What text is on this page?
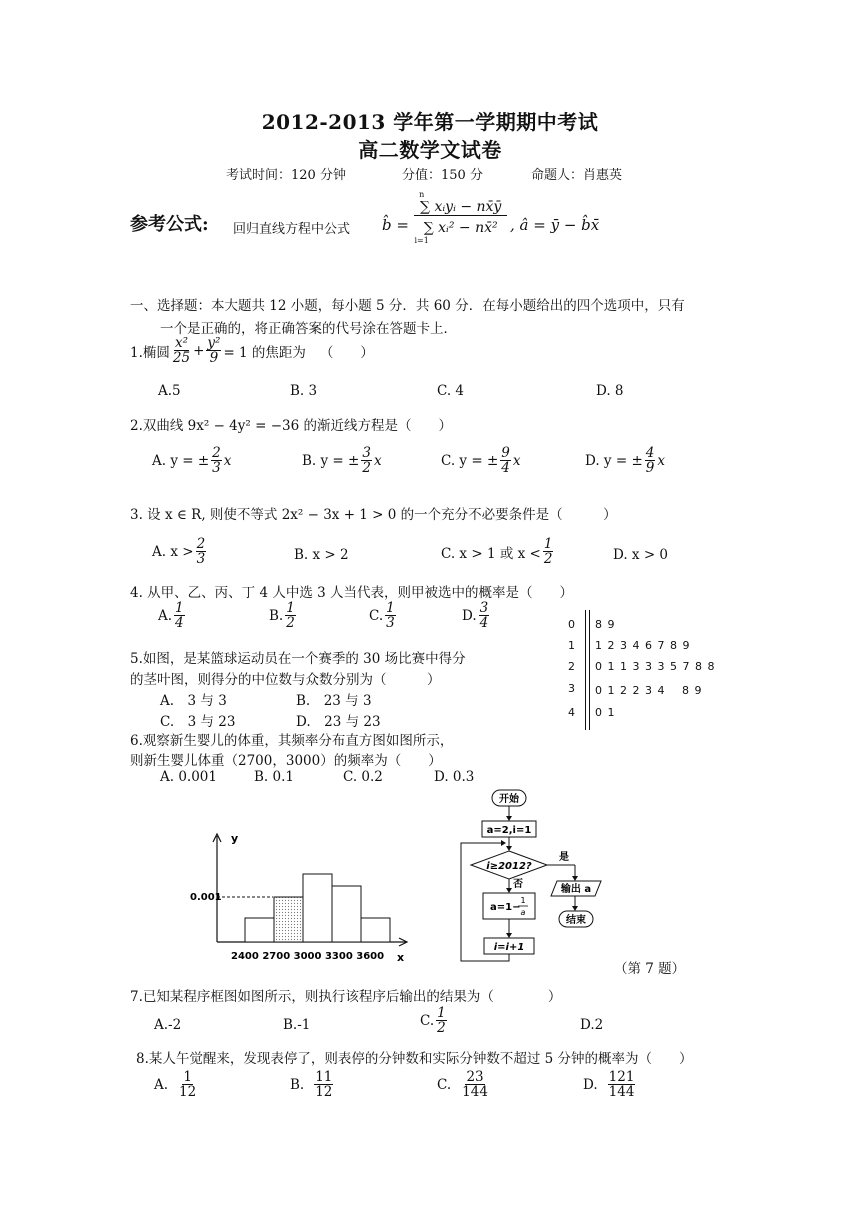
2012-2013 学年第一学期期中考试
高二数学文试卷
考试时间：120 分钟	分值：150 分	命题人：肖惠英
参考公式: 回归直线方程中公式 b̂ =
n
∑ xᵢyᵢ − nx̄ȳ
∑ xᵢ² − nx̄²
i=1
, â = ȳ − b̂x̄
一、选择题：本大题共 12 小题，每小题 5 分．共 60 分．在每小题给出的四个选项中，只有
一个是正确的，将正确答案的代号涂在答题卡上．
1.椭圆 $\frac{\text{x²}}{25} + \frac{\text{y²}}{9} = 1$ 的焦距为 （　　）
A.5	B. 3	C. 4	D. 8
2.双曲线 9x² − 4y² = −36 的渐近线方程是（　　）
A. y = ± $\frac{2}{3}$ x	B. y = ± $\frac{3}{2}$ x	C. y = ± $\frac{9}{4}$ x	D. y = ± $\frac{4}{9}$ x
3. 设 x ∈ R, 则使不等式 2x² − 3x + 1 > 0 的一个充分不必要条件是（　　　）
A. $x > \frac{2}{3}$	B. x > 2	C. x > 1 或 $x < \frac{1}{2}$	D. x > 0
4. 从甲、乙、丙、丁 4 人中选 3 人当代表，则甲被选中的概率是（　　）
A. $\frac{1}{4}$	B. $\frac{1}{2}$	C. $\frac{1}{3}$	D. $\frac{3}{4}$	0 8 9
1 1 2 3 4 6 7 8 9
2 0 1 1 3 3 3 5 7 8 8
3 0 1 2 2 3 4 　8 9
4 0 1
5.如图，是某篮球运动员在一个赛季的 30 场比赛中得分
的茎叶图，则得分的中位数与众数分别为（　　　）
A.　3 与 3	B.　23 与 3
C.　3 与 23	D.　23 与 23
6.观察新生婴儿的体重，其频率分布直方图如图所示，
则新生婴儿体重（2700，3000）的频率为（　　）
A. 0.001	B. 0.1	C. 0.2	D. 0.3
y
x
0.001
2400 2700 3000 3300 3600
开始
a=2,i=1
i≥2012?
是
否	输出 a
结束
a=1−
1
a
i=i+1
（第 7 题）
7.已知某程序框图如图所示，则执行该程序后输出的结果为（　　　　）
A.-2	B.-1	C. $\frac{1}{2}$	D.2
8.某人午觉醒来，发现表停了，则表停的分钟数和实际分钟数不超过 5 分钟的概率为（　　）
A. $\frac{1}{12}$	B. $\frac{11}{12}$	C. $\frac{23}{144}$	D. $\frac{121}{144}$
